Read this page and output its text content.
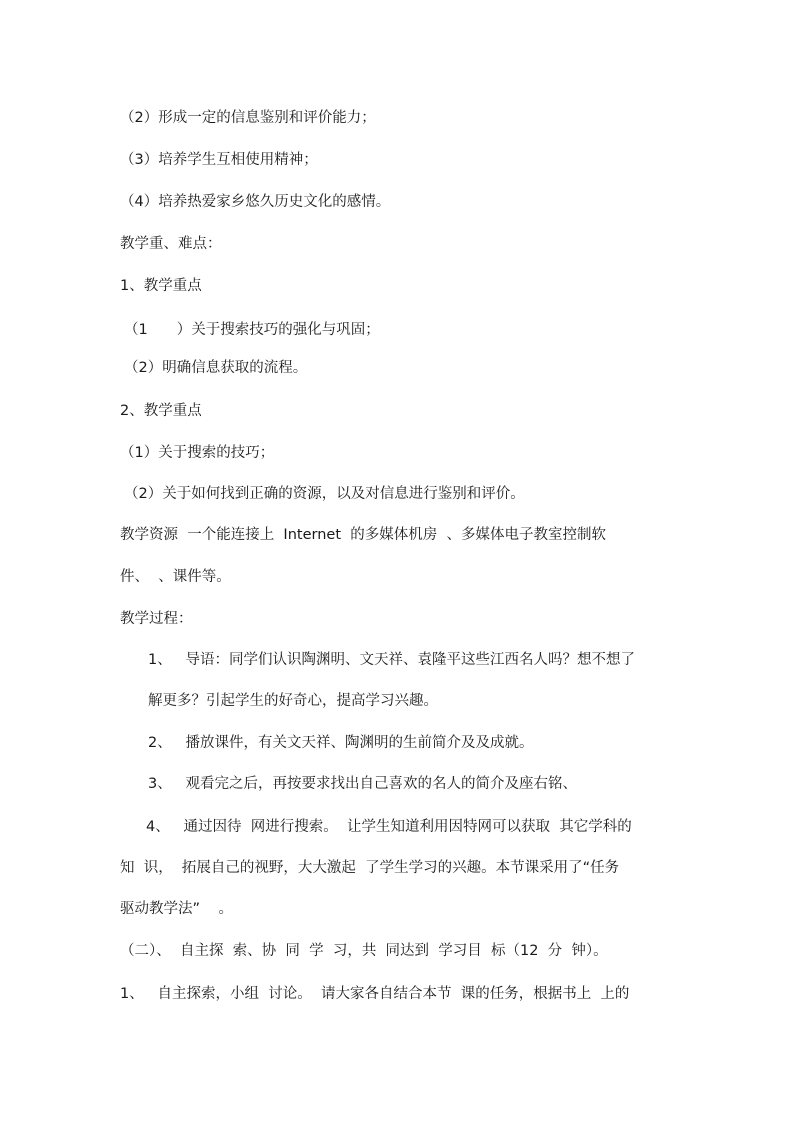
（2）形成一定的信息鉴别和评价能力；
（3）培养学生互相使用精神；
（4）培养热爱家乡悠久历史文化的感情。
教学重、难点：
1、教学重点
（1　　）关于搜索技巧的强化与巩固；
（2）明确信息获取的流程。
2、教学重点
（1）关于搜索的技巧；
（2）关于如何找到正确的资源，以及对信息进行鉴别和评价。
教学资源  一个能连接上  Internet  的多媒体机房  、多媒体电子教室控制软
件、  、课件等。
教学过程：
1、   导语：同学们认识陶渊明、文天祥、袁隆平这些江西名人吗？想不想了
解更多？引起学生的好奇心，提高学习兴趣。
2、   播放课件，有关文天祥、陶渊明的生前简介及及成就。
3、   观看完之后，再按要求找出自己喜欢的名人的简介及座右铭、
4、   通过因待  网进行搜索。  让学生知道利用因特网可以获取  其它学科的
知  识，  拓展自己的视野，大大激起  了学生学习的兴趣。本节课采用了“任务
驱动教学法”    。
（二）、  自主探  索、协  同  学  习，共  同达到  学习目  标（12  分  钟）。
1、   自主探索，小组  讨论。  请大家各自结合本节  课的任务，根据书上  上的
